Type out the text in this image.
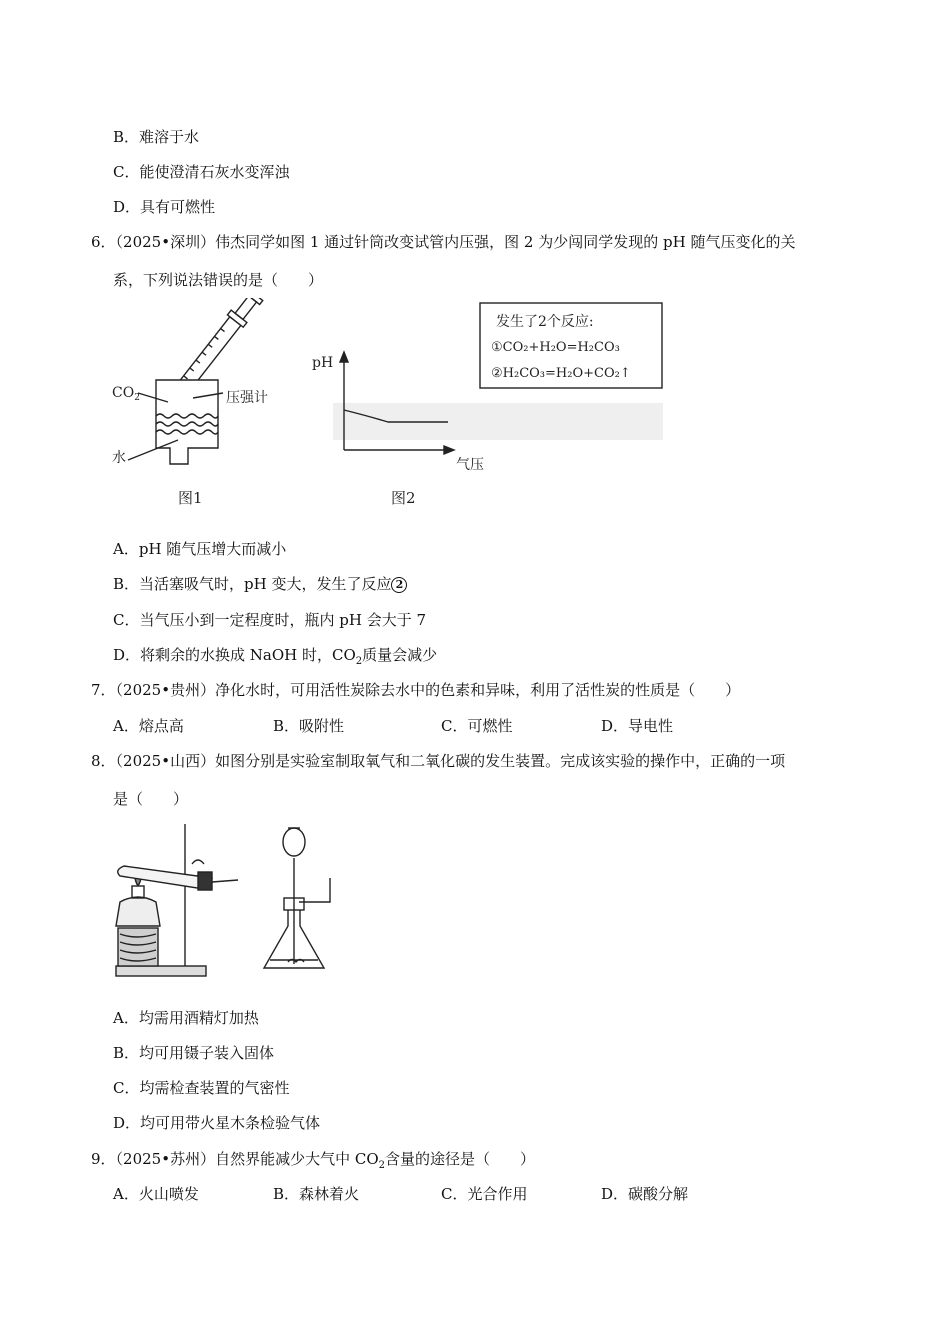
B．难溶于水
C．能使澄清石灰水变浑浊
D．具有可燃性
6．（2025•深圳）伟杰同学如图 1 通过针筒改变试管内压强，图 2 为少闯同学发现的 pH 随气压变化的关
系，下列说法错误的是（　　）
$CO_2$	压强计
水
图1
pH
气压
图2
发生了2个反应:
①CO₂+H₂O=H₂CO₃
②H₂CO₃=H₂O+CO₂↑
A．pH 随气压增大而减小
B．当活塞吸气时，pH 变大，发生了反应 2
C．当气压小到一定程度时，瓶内 pH 会大于 7
D．将剩余的水换成 NaOH 时，$CO_2$质量会减少
7．（2025•贵州）净化水时，可用活性炭除去水中的色素和异味，利用了活性炭的性质是（　　）
A．熔点高	B．吸附性	C．可燃性	D．导电性
8．（2025•山西）如图分别是实验室制取氧气和二氧化碳的发生装置。完成该实验的操作中，正确的一项
是（　　）
A．均需用酒精灯加热
B．均可用镊子装入固体
C．均需检查装置的气密性
D．均可用带火星木条检验气体
9．（2025•苏州）自然界能减少大气中 $CO_2$含量的途径是（　　）
A．火山喷发	B．森林着火	C．光合作用	D．碳酸分解
